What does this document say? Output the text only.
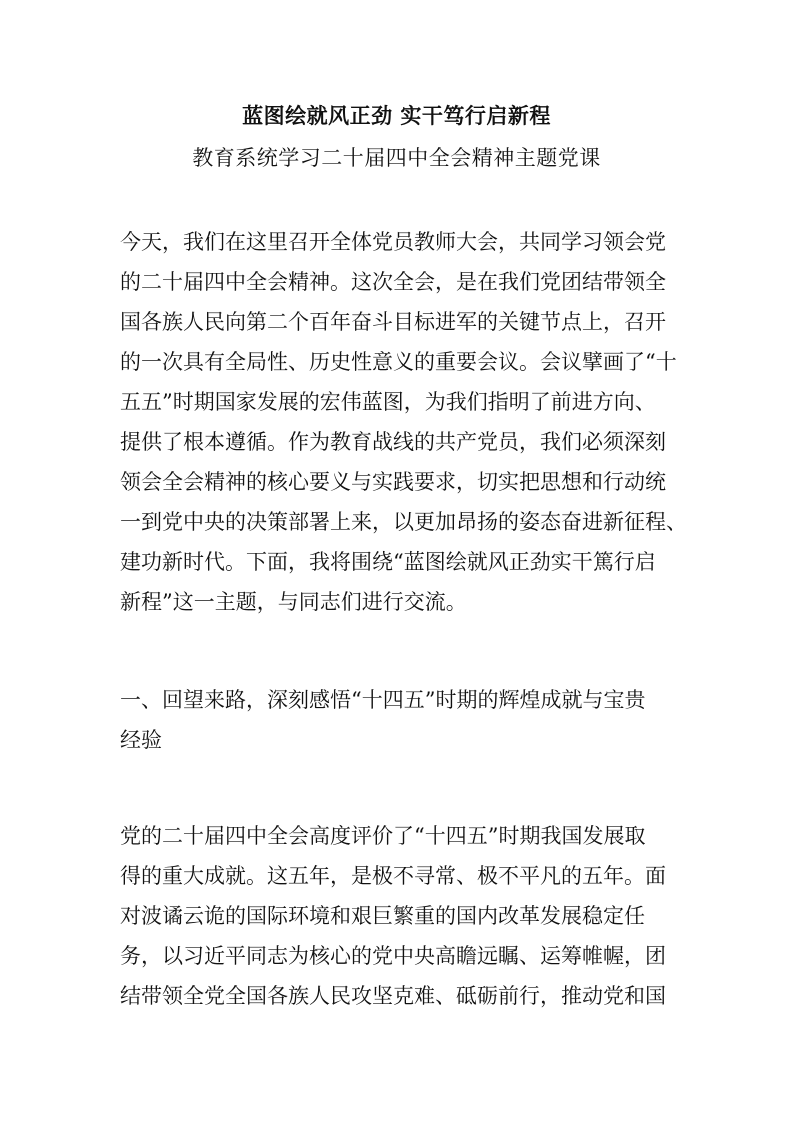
蓝图绘就风正劲 实干笃行启新程
教育系统学习二十届四中全会精神主题党课
今天，我们在这里召开全体党员教师大会，共同学习领会党
的二十届四中全会精神。这次全会，是在我们党团结带领全
国各族人民向第二个百年奋斗目标进军的关键节点上，召开
的一次具有全局性、历史性意义的重要会议。会议擘画了“十
五五”时期国家发展的宏伟蓝图，为我们指明了前进方向、
提供了根本遵循。作为教育战线的共产党员，我们必须深刻
领会全会精神的核心要义与实践要求，切实把思想和行动统
一到党中央的决策部署上来，以更加昂扬的姿态奋进新征程、
建功新时代。下面，我将围绕“蓝图绘就风正劲实干篤行启
新程”这一主题，与同志们进行交流。
一、回望来路，深刻感悟“十四五”时期的辉煌成就与宝贵
经验
党的二十届四中全会高度评价了“十四五”时期我国发展取
得的重大成就。这五年，是极不寻常、极不平凡的五年。面
对波谲云诡的国际环境和艰巨繁重的国内改革发展稳定任
务，以习近平同志为核心的党中央高瞻远瞩、运筹帷幄，团
结带领全党全国各族人民攻坚克难、砥砺前行，推动党和国
